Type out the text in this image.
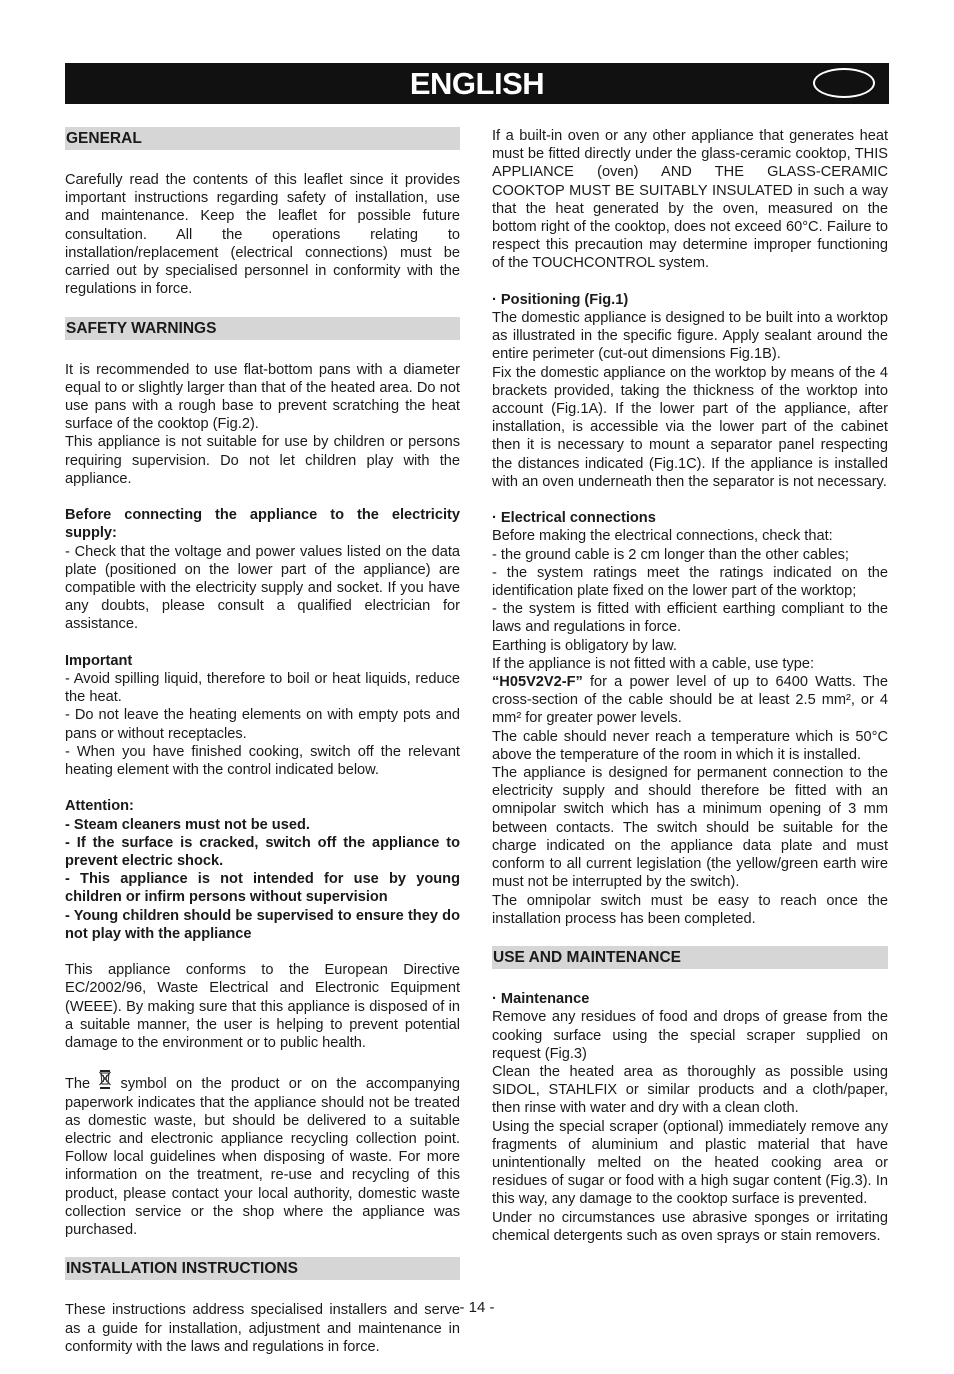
ENGLISH
GENERAL

Carefully read the contents of this leaflet since it provides important instructions regarding safety of installation, use and maintenance. Keep the leaflet for possible future consultation. All the operations relating to installation/replacement (electrical connections) must be carried out by specialised personnel in conformity with the regulations in force.

SAFETY WARNINGS

It is recommended to use flat-bottom pans with a diameter equal to or slightly larger than that of the heated area. Do not use pans with a rough base to prevent scratching the heat surface of the cooktop (Fig.2).

This appliance is not suitable for use by children or persons requiring supervision. Do not let children play with the appliance.

Before connecting the appliance to the electricity supply:

- Check that the voltage and power values listed on the data plate (positioned on the lower part of the appliance) are compatible with the electricity supply and socket. If you have any doubts, please consult a qualified electrician for assistance.

Important

- Avoid spilling liquid, therefore to boil or heat liquids, reduce the heat.

- Do not leave the heating elements on with empty pots and pans or without receptacles.

- When you have finished cooking, switch off the relevant heating element with the control indicated below.

Attention:

- Steam cleaners must not be used.

- If the surface is cracked, switch off the appliance to prevent electric shock.

- This appliance is not intended for use by young children or infirm persons without supervision

- Young children should be supervised to ensure they do not play with the appliance

This appliance conforms to the European Directive EC/2002/96, Waste Electrical and Electronic Equipment (WEEE). By making sure that this appliance is disposed of in a suitable manner, the user is helping to prevent potential damage to the environment or to public health.

The  symbol on the product or on the accompanying paperwork indicates that the appliance should not be treated as domestic waste, but should be delivered to a suitable electric and electronic appliance recycling collection point. Follow local guidelines when disposing of waste. For more information on the treatment, re-use and recycling of this product, please contact your local authority, domestic waste collection service or the shop where the appliance was purchased.

INSTALLATION INSTRUCTIONS

These instructions address specialised installers and serve as a guide for installation, adjustment and maintenance in conformity with the laws and regulations in force.

If a built-in oven or any other appliance that generates heat must be fitted directly under the glass-ceramic cooktop, THIS APPLIANCE (oven) AND THE GLASS-CERAMIC COOKTOP MUST BE SUITABLY INSULATED in such a way that the heat generated by the oven, measured on the bottom right of the cooktop, does not exceed 60°C. Failure to respect this precaution may determine improper functioning of the TOUCHCONTROL system.

· Positioning (Fig.1)

The domestic appliance is designed to be built into a worktop as illustrated in the specific figure. Apply sealant around the entire perimeter (cut-out dimensions Fig.1B).

Fix the domestic appliance on the worktop by means of the 4 brackets provided, taking the thickness of the worktop into account (Fig.1A). If the lower part of the appliance, after installation, is accessible via the lower part of the cabinet then it is necessary to mount a separator panel respecting the distances indicated (Fig.1C). If the appliance is installed with an oven underneath then the separator is not necessary.

· Electrical connections

Before making the electrical connections, check that:

- the ground cable is 2 cm longer than the other cables;

- the system ratings meet the ratings indicated on the identification plate fixed on the lower part of the worktop;

- the system is fitted with efficient earthing compliant to the laws and regulations in force.

Earthing is obligatory by law.

If the appliance is not fitted with a cable, use type:

“H05V2V2-F” for a power level of up to 6400 Watts. The cross-section of the cable should be at least 2.5 mm², or 4 mm² for greater power levels.

The cable should never reach a temperature which is 50°C above the temperature of the room in which it is installed.

The appliance is designed for permanent connection to the electricity supply and should therefore be fitted with an omnipolar switch which has a minimum opening of 3 mm between contacts. The switch should be suitable for the charge indicated on the appliance data plate and must conform to all current legislation (the yellow/green earth wire must not be interrupted by the switch).

The omnipolar switch must be easy to reach once the installation process has been completed.

USE AND MAINTENANCE

· Maintenance

Remove any residues of food and drops of grease from the cooking surface using the special scraper supplied on request (Fig.3)

Clean the heated area as thoroughly as possible using SIDOL, STAHLFIX or similar products and a cloth/paper, then rinse with water and dry with a clean cloth.

Using the special scraper (optional) immediately remove any fragments of aluminium and plastic material that have unintentionally melted on the heated cooking area or residues of sugar or food with a high sugar content (Fig.3). In this way, any damage to the cooktop surface is prevented.

Under no circumstances use abrasive sponges or irritating chemical detergents such as oven sprays or stain removers.

- 14 -
